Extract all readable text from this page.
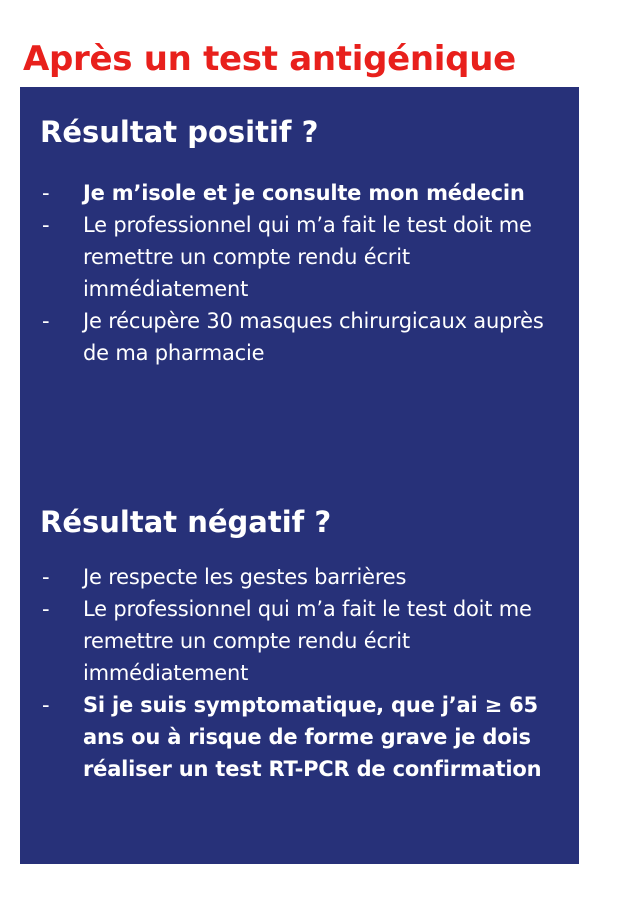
Après un test antigénique
Résultat positif ?
- Je m’isole et je consulte mon médecin
- Le professionnel qui m’a fait le test doit me remettre un compte rendu écrit immédiatement
- Je récupère 30 masques chirurgicaux auprès de ma pharmacie
Résultat négatif ?
- Je respecte les gestes barrières
- Le professionnel qui m’a fait le test doit me remettre un compte rendu écrit immédiatement
- Si je suis symptomatique, que j’ai ≥ 65 ans ou à risque de forme grave je dois réaliser un test RT-PCR de confirmation
